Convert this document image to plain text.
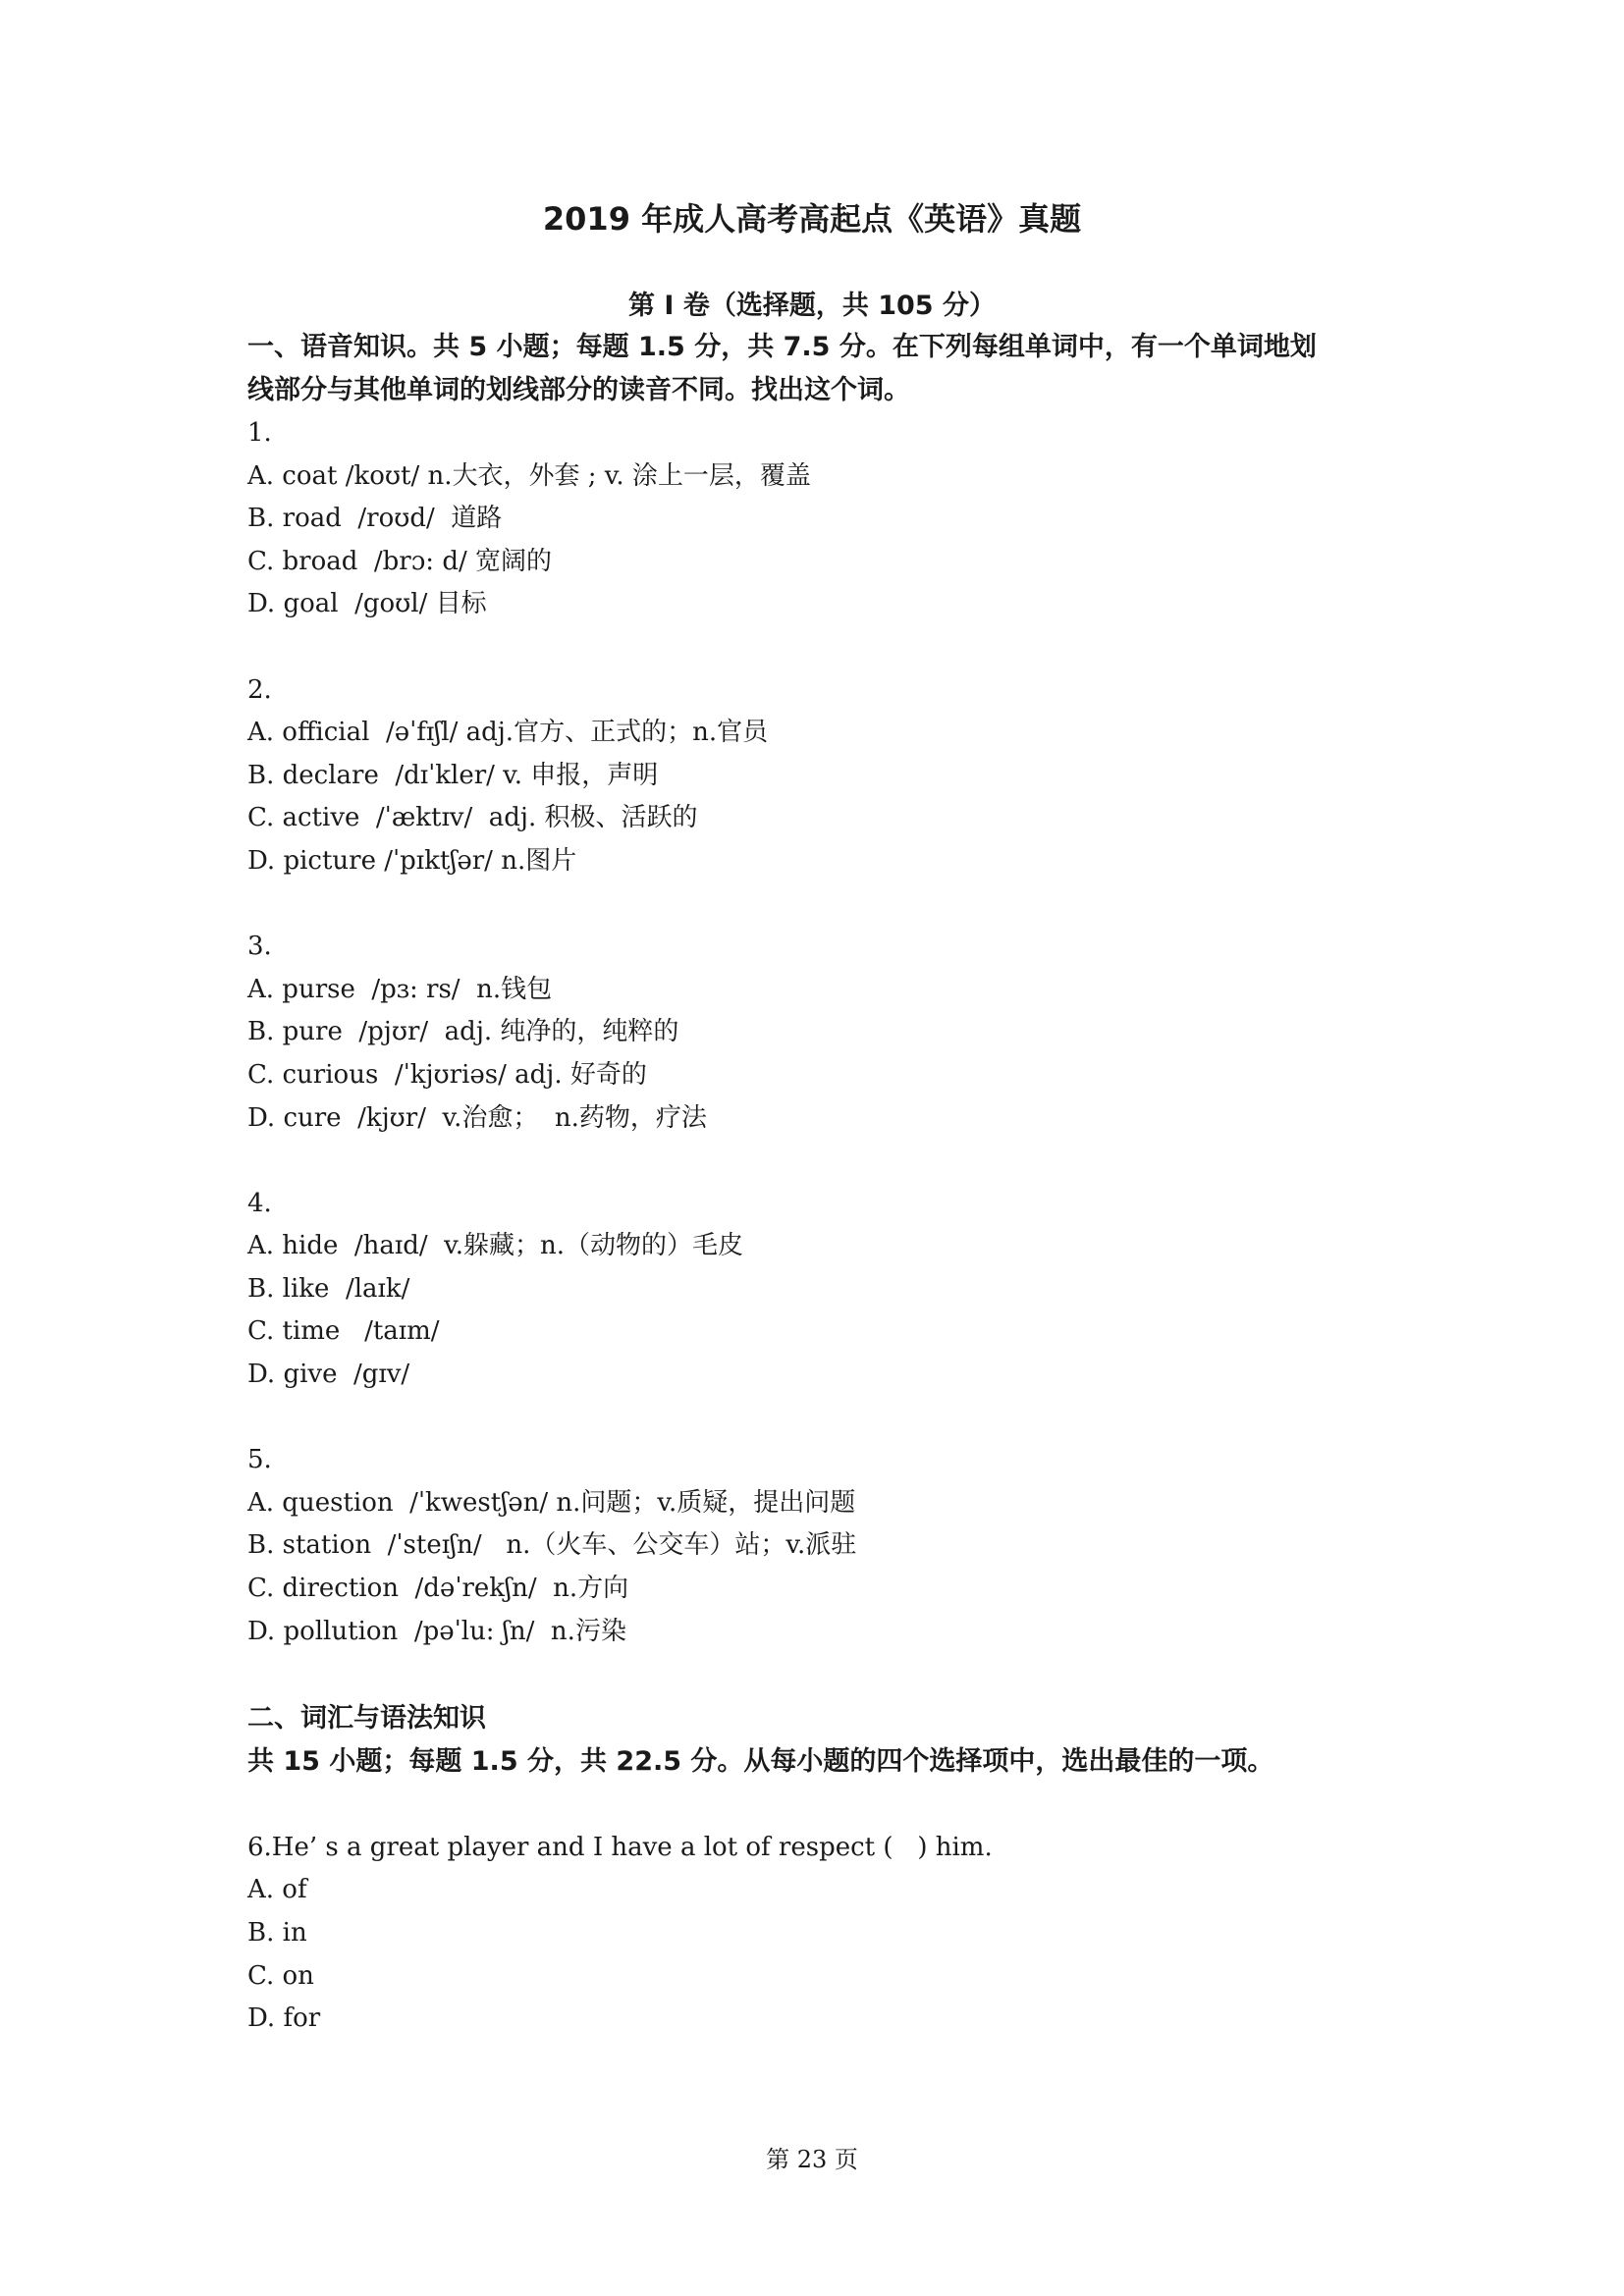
2019 年成人高考高起点《英语》真题
第 I 卷（选择题，共 105 分）
一、语音知识。共 5 小题；每题 1.5 分，共 7.5 分。在下列每组单词中，有一个单词地划
线部分与其他单词的划线部分的读音不同。找出这个词。
1.
A. coat /koʊt/ n.大衣，外套 ; v. 涂上一层，覆盖
B. road  /roʊd/  道路
C. broad  /brɔ: d/ 宽阔的
D. goal  /goʊl/ 目标
2.
A. official  /əˈfɪʃl/ adj.官方、正式的；n.官员
B. declare  /dɪˈkler/ v. 申报，声明
C. active  /ˈæktɪv/  adj. 积极、活跃的
D. picture /ˈpɪktʃər/ n.图片
3.
A. purse  /pɜ: rs/  n.钱包
B. pure  /pjʊr/  adj. 纯净的，纯粹的
C. curious  /ˈkjʊriəs/ adj. 好奇的
D. cure  /kjʊr/  v.治愈；  n.药物，疗法
4.
A. hide  /haɪd/  v.躲藏；n.（动物的）毛皮
B. like  /laɪk/
C. time   /taɪm/
D. give  /gɪv/
5.
A. question  /ˈkwestʃən/ n.问题；v.质疑，提出问题
B. station  /ˈsteɪʃn/   n.（火车、公交车）站；v.派驻
C. direction  /dəˈrekʃn/  n.方向
D. pollution  /pəˈlu: ʃn/  n.污染
二、词汇与语法知识
共 15 小题；每题 1.5 分，共 22.5 分。从每小题的四个选择项中，选出最佳的一项。
6.He’ s a great player and I have a lot of respect (   ) him.
A. of
B. in
C. on
D. for
第 23 页
